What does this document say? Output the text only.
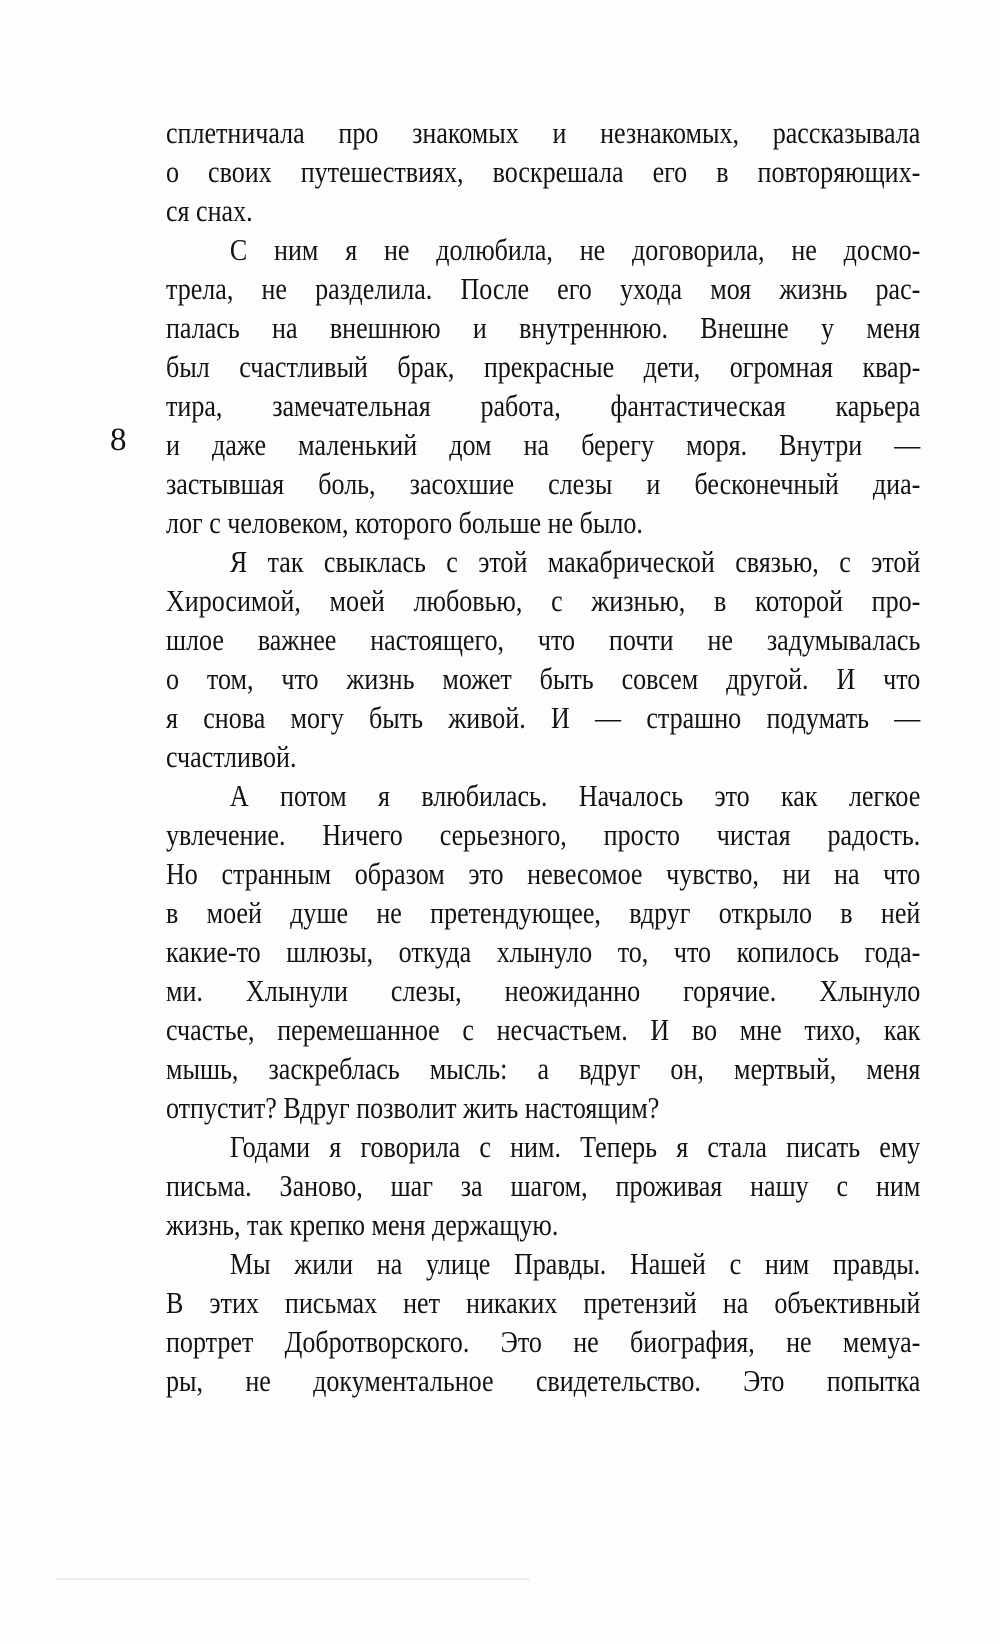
8
сплетничала про знакомых и незнакомых, рассказывала
о своих путешествиях, воскрешала его в повторяющих-
ся снах.
С ним я не долюбила, не договорила, не досмо-
трела, не разделила. После его ухода моя жизнь рас-
палась на внешнюю и внутреннюю. Внешне у меня
был счастливый брак, прекрасные дети, огромная квар-
тира, замечательная работа, фантастическая карьера
и даже маленький дом на берегу моря. Внутри —
застывшая боль, засохшие слезы и бесконечный диа-
лог с человеком, которого больше не было.
Я так свыклась с этой макабрической связью, с этой
Хиросимой, моей любовью, с жизнью, в которой про-
шлое важнее настоящего, что почти не задумывалась
о том, что жизнь может быть совсем другой. И что
я снова могу быть живой. И — страшно подумать —
счастливой.
А потом я влюбилась. Началось это как легкое
увлечение. Ничего серьезного, просто чистая радость.
Но странным образом это невесомое чувство, ни на что
в моей душе не претендующее, вдруг открыло в ней
какие-то шлюзы, откуда хлынуло то, что копилось года-
ми. Хлынули слезы, неожиданно горячие. Хлынуло
счастье, перемешанное с несчастьем. И во мне тихо, как
мышь, заскреблась мысль: а вдруг он, мертвый, меня
отпустит? Вдруг позволит жить настоящим?
Годами я говорила с ним. Теперь я стала писать ему
письма. Заново, шаг за шагом, проживая нашу с ним
жизнь, так крепко меня держащую.
Мы жили на улице Правды. Нашей с ним правды.
В этих письмах нет никаких претензий на объективный
портрет Добротворского. Это не биография, не мемуа-
ры, не документальное свидетельство. Это попытка
